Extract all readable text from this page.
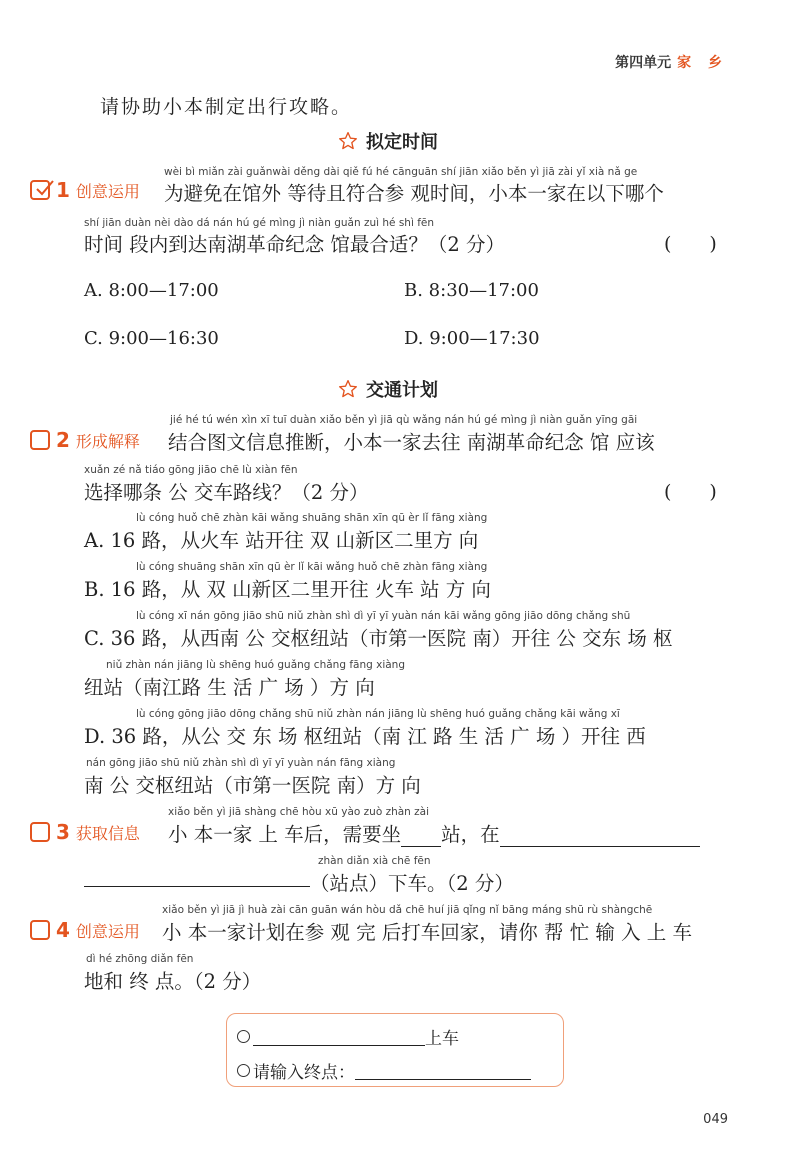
第四单元 家 乡
请协助小本制定出行攻略。
拟定时间
1 创意运用
wèi bì miǎn zài guǎnwài děng dài qiě fú hé cānguān shí jiān xiǎo běn yì jiā zài yǐ xià nǎ ge
为避免在馆外 等待且符合参 观时间，小本一家在以下哪个
shí jiān duàn nèi dào dá nán hú gé mìng jì niàn guǎn zuì hé shì fēn
时间 段内到达南湖革命纪念 馆最合适？（2 分）	(　　)
A. 8:00—17:00	B. 8:30—17:00
C. 9:00—16:30	D. 9:00—17:30
交通计划
2 形成解释
jié hé tú wén xìn xī tuī duàn xiǎo běn yì jiā qù wǎng nán hú gé mìng jì niàn guǎn yīng gāi
结合图文信息推断，小本一家去往 南湖革命纪念 馆 应该
xuǎn zé nǎ tiáo gōng jiāo chē lù xiàn fēn
选择哪条 公 交车路线？（2 分）	(　　)
lù cóng huǒ chē zhàn kāi wǎng shuāng shān xīn qū èr lǐ fāng xiàng
A. 16 路，从火车 站开往 双 山新区二里方 向
lù cóng shuāng shān xīn qū èr lǐ kāi wǎng huǒ chē zhàn fāng xiàng
B. 16 路，从 双 山新区二里开往 火车 站 方 向
lù cóng xī nán gōng jiāo shū niǔ zhàn shì dì yī yī yuàn nán kāi wǎng gōng jiāo dōng chǎng shū
C. 36 路，从西南 公 交枢纽站（市第一医院 南）开往 公 交东 场 枢
niǔ zhàn nán jiāng lù shēng huó guǎng chǎng fāng xiàng
纽站（南江路 生 活 广 场 ）方 向
lù cóng gōng jiāo dōng chǎng shū niǔ zhàn nán jiāng lù shēng huó guǎng chǎng kāi wǎng xī
D. 36 路，从公 交 东 场 枢纽站（南 江 路 生 活 广 场 ）开往 西
nán gōng jiāo shū niǔ zhàn shì dì yī yī yuàn nán fāng xiàng
南 公 交枢纽站（市第一医院 南）方 向
3 获取信息
xiǎo běn yì jiā shàng chē hòu xū yào zuò zhàn zài
小 本一家 上 车后，需要坐 站，在
zhàn diǎn xià chē fēn
（站点）下车。（2 分）
4 创意运用
xiǎo běn yì jiā jì huà zài cān guān wán hòu dǎ chē huí jiā qǐng nǐ bāng máng shū rù shàngchē
小 本一家计划在参 观 完 后打车回家，请你 帮 忙 输 入 上 车
dì hé zhōng diǎn fēn
地和 终 点。（2 分）
上车
请输入终点：
049
